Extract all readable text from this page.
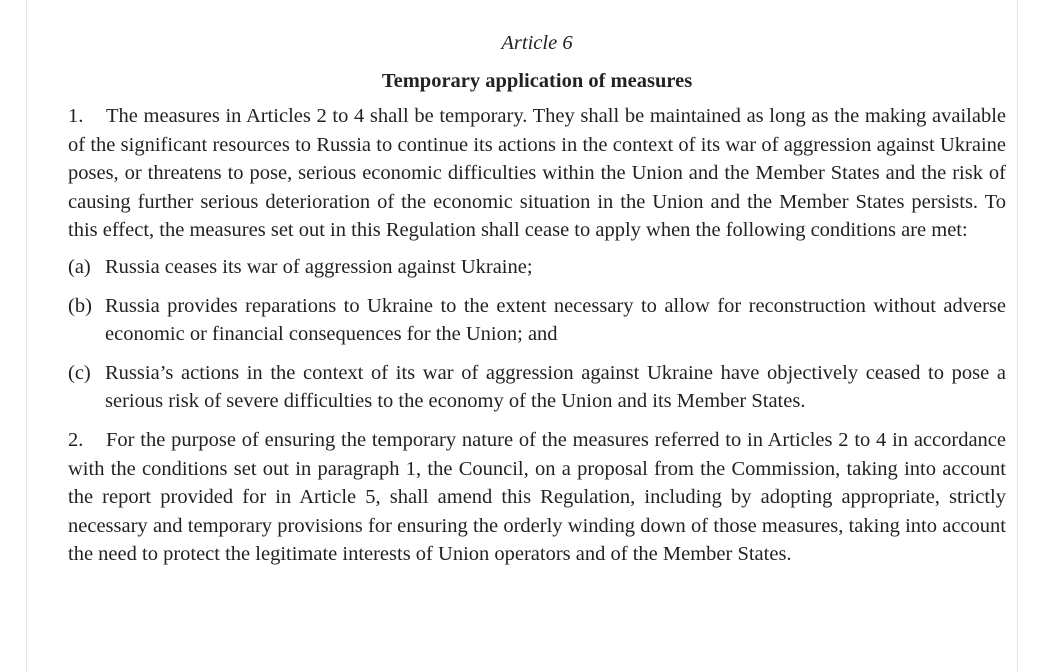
Article 6

Temporary application of measures

1. The measures in Articles 2 to 4 shall be temporary. They shall be maintained as long as the making available of the significant resources to Russia to continue its actions in the context of its war of aggression against Ukraine poses, or threatens to pose, serious economic difficulties within the Union and the Member States and the risk of causing further serious deterioration of the economic situation in the Union and the Member States persists. To this effect, the measures set out in this Regulation shall cease to apply when the following conditions are met:

(a) Russia ceases its war of aggression against Ukraine;
(b) Russia provides reparations to Ukraine to the extent necessary to allow for reconstruction without adverse economic or financial consequences for the Union; and
(c) Russia’s actions in the context of its war of aggression against Ukraine have objectively ceased to pose a serious risk of severe difficulties to the economy of the Union and its Member States.

2. For the purpose of ensuring the temporary nature of the measures referred to in Articles 2 to 4 in accordance with the conditions set out in paragraph 1, the Council, on a proposal from the Commission, taking into account the report provided for in Article 5, shall amend this Regulation, including by adopting appropriate, strictly necessary and temporary provisions for ensuring the orderly winding down of those measures, taking into account the need to protect the legitimate interests of Union operators and of the Member States.
